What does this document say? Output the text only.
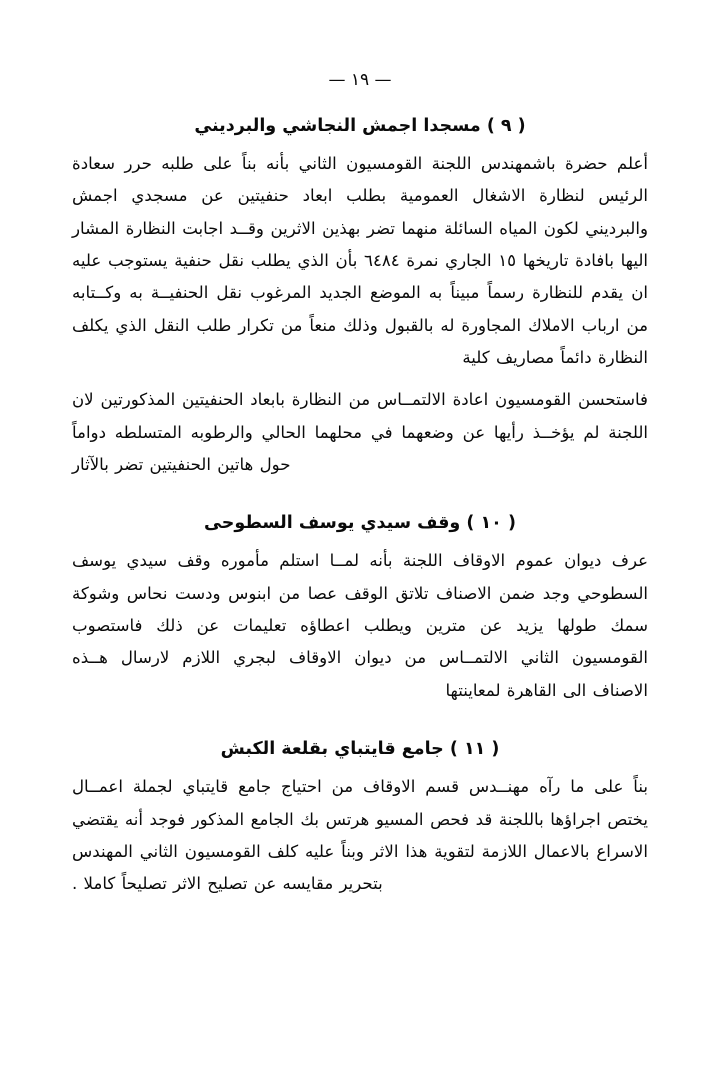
— ١٩ —
( ٩ ) مسجدا اجمش النجاشي والبرديني

أعلم حضرة باشمهندس اللجنة القومسيون الثاني بأنه بناً على طلبه حرر سعادة الرئيس لنظارة الاشغال العمومية بطلب ابعاد حنفيتين عن مسجدي اجمش والبرديني لكون المياه السائلة منهما تضر بهذين الاثرين وقــد اجابت النظارة المشار اليها بافادة تاريخها ١٥ الجاري نمرة ٦٤٨٤ بأن الذي يطلب نقل حنفية يستوجب عليه ان يقدم للنظارة رسماً مبيناً به الموضع الجديد المرغوب نقل الحنفيــة به وكــتابه من ارباب الاملاك المجاورة له بالقبول وذلك منعاً من تكرار طلب النقل الذي يكلف النظارة دائماً مصاريف كلية

فاستحسن القومسيون اعادة الالتمــاس من النظارة بابعاد الحنفيتين المذكورتين لان اللجنة لم يؤخــذ رأيها عن وضعهما في محلهما الحالي والرطوبه المتسلطه دواماً حول هاتين الحنفيتين تضر بالآثار

( ١٠ ) وقف سيدي يوسف السطوحى

عرف ديوان عموم الاوقاف اللجنة بأنه لمــا استلم مأموره وقف سيدي يوسف السطوحي وجد ضمن الاصناف تلاتق الوقف عصا من ابنوس ودست نحاس وشوكة سمك طولها يزيد عن مترين ويطلب اعطاؤه تعليمات عن ذلك فاستصوب القومسيون الثاني الالتمــاس من ديوان الاوقاف لبجري اللازم لارسال هــذه الاصناف الى القاهرة لمعاينتها

( ١١ ) جامع قايتباي بقلعة الكبش

بناً على ما رآه مهنــدس قسم الاوقاف من احتياج جامع قايتباي لجملة اعمــال يختص اجراؤها باللجنة قد فحص المسيو هرتس بك الجامع المذكور فوجد أنه يقتضي الاسراع بالاعمال اللازمة لتقوية هذا الاثر وبناً عليه كلف القومسيون الثاني المهندس بتحرير مقايسه عن تصليح الاثر تصليحاً كاملا .
